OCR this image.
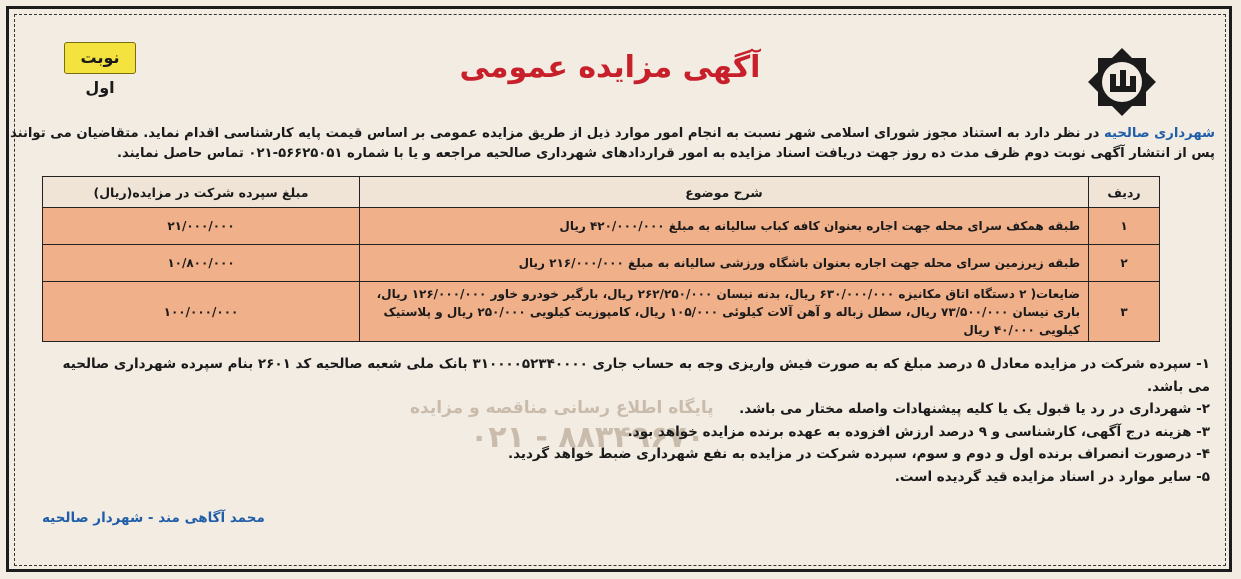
پایگاه اطلاع رسانی مناقصه و مزایده
۰۲۱ - ۸۸۳۴۹۶۷۰
نوبت اول
آگهی مزایده عمومی
شهرداری صالحیه در نظر دارد به استناد مجوز شورای اسلامی شهر نسبت به انجام امور موارد ذیل از طریق مزایده عمومی بر اساس قیمت پایه کارشناسی اقدام نماید. متقاضیان می توانند
پس از انتشار آگهی نوبت دوم ظرف مدت ده روز جهت دریافت اسناد مزایده به امور قراردادهای شهرداری صالحیه مراجعه و یا با شماره ۵۶۶۲۵۰۵۱-۰۲۱ تماس حاصل نمایند.
ردیف	شرح موضوع	مبلغ سپرده شرکت در مزایده(ریال)
۱	طبقه همکف سرای محله جهت اجاره بعنوان کافه کباب سالیانه به مبلغ ۴۲۰/۰۰۰/۰۰۰ ریال	۲۱/۰۰۰/۰۰۰
۲	طبقه زیرزمین سرای محله جهت اجاره بعنوان باشگاه ورزشی سالیانه به مبلغ ۲۱۶/۰۰۰/۰۰۰ ریال	۱۰/۸۰۰/۰۰۰
۳	ضایعات( ۲ دستگاه اتاق مکانیزه ۶۳۰/۰۰۰/۰۰۰ ریال، بدنه نیسان ۲۶۲/۲۵۰/۰۰۰ ریال، بارگیر خودرو خاور ۱۲۶/۰۰۰/۰۰۰ ریال، باری نیسان ۷۳/۵۰۰/۰۰۰ ریال، سطل زباله و آهن آلات کیلوئی ۱۰۵/۰۰۰ ریال، کامپوزیت کیلویی ۲۵۰/۰۰۰ ریال و پلاستیک کیلویی ۴۰/۰۰۰ ریال	۱۰۰/۰۰۰/۰۰۰

۱- سپرده شرکت در مزایده معادل ۵ درصد مبلغ که به صورت فیش واریزی وجه به حساب جاری ۳۱۰۰۰۰۵۲۳۴۰۰۰۰ بانک ملی شعبه صالحیه کد ۲۶۰۱ بنام سپرده شهرداری صالحیه

می باشد.

۲- شهرداری در رد یا قبول یک یا کلیه پیشنهادات واصله مختار می باشد.

۳- هزینه درج آگهی، کارشناسی و ۹ درصد ارزش افزوده به عهده برنده مزایده خواهد بود.

۴- درصورت انصراف برنده اول و دوم و سوم، سپرده شرکت در مزایده به نفع شهرداری ضبط خواهد گردید.

۵- سایر موارد در اسناد مزایده قید گردیده است.

محمد آگاهی مند - شهردار صالحیه
